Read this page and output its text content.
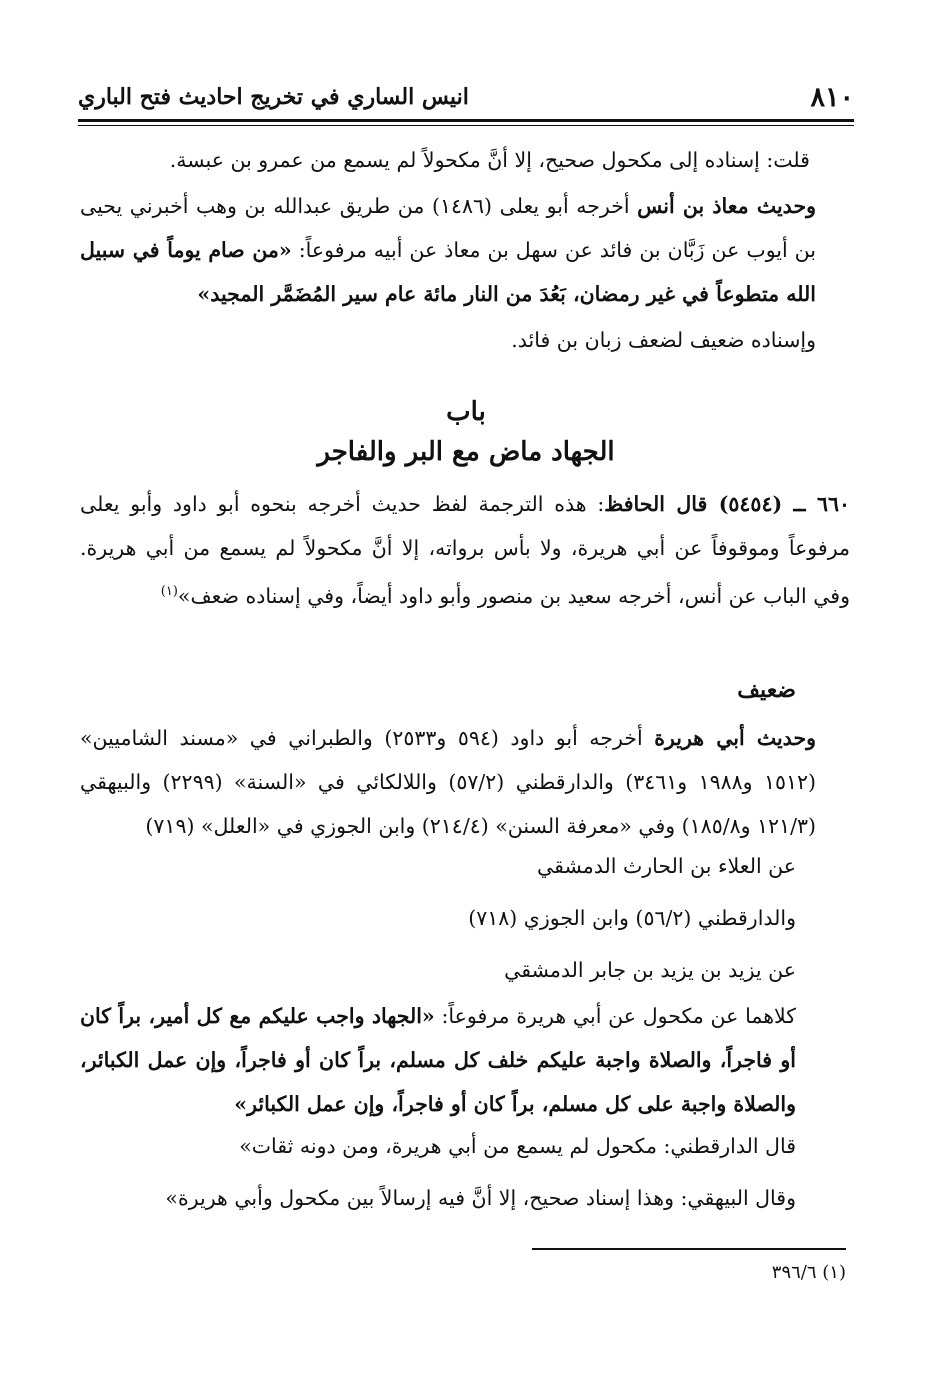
٨١٠
انيس الساري في تخريج احاديث فتح الباري

قلت: إسناده إلى مكحول صحيح، إلا أنَّ مكحولاً لم يسمع من عمرو بن عبسة.

وحديث معاذ بن أنس أخرجه أبو يعلى (١٤٨٦) من طريق عبدالله بن وهب أخبرني يحيى بن أيوب عن زَبَّان بن فائد عن سهل بن معاذ عن أبيه مرفوعاً: «من صام يوماً في سبيل الله متطوعاً في غير رمضان، بَعُدَ من النار مائة عام سير المُضَمَّر المجيد»

وإسناده ضعيف لضعف زبان بن فائد.

باب

الجهاد ماض مع البر والفاجر

٦٦٠ ــ (٥٤٥٤) قال الحافظ: هذه الترجمة لفظ حديث أخرجه بنحوه أبو داود وأبو يعلى مرفوعاً وموقوفاً عن أبي هريرة، ولا بأس برواته، إلا أنَّ مكحولاً لم يسمع من أبي هريرة. وفي الباب عن أنس، أخرجه سعيد بن منصور وأبو داود أيضاً، وفي إسناده ضعف»$^{(١)}$

ضعيف

وحديث أبي هريرة أخرجه أبو داود (٥٩٤ و٢٥٣٣) والطبراني في «مسند الشاميين» (١٥١٢ و١٩٨٨ و٣٤٦١) والدارقطني (٥٧/٢) واللالكائي في «السنة» (٢٢٩٩) والبيهقي (١٢١/٣ و١٨٥/٨) وفي «معرفة السنن» (٢١٤/٤) وابن الجوزي في «العلل» (٧١٩)

عن العلاء بن الحارث الدمشقي

والدارقطني (٥٦/٢) وابن الجوزي (٧١٨)

عن يزيد بن يزيد بن جابر الدمشقي

كلاهما عن مكحول عن أبي هريرة مرفوعاً: «الجهاد واجب عليكم مع كل أمير، براً كان أو فاجراً، والصلاة واجبة عليكم خلف كل مسلم، براً كان أو فاجراً، وإن عمل الكبائر، والصلاة واجبة على كل مسلم، براً كان أو فاجراً، وإن عمل الكبائر»

قال الدارقطني: مكحول لم يسمع من أبي هريرة، ومن دونه ثقات»

وقال البيهقي: وهذا إسناد صحيح، إلا أنَّ فيه إرسالاً بين مكحول وأبي هريرة»

(١) ٣٩٦/٦
